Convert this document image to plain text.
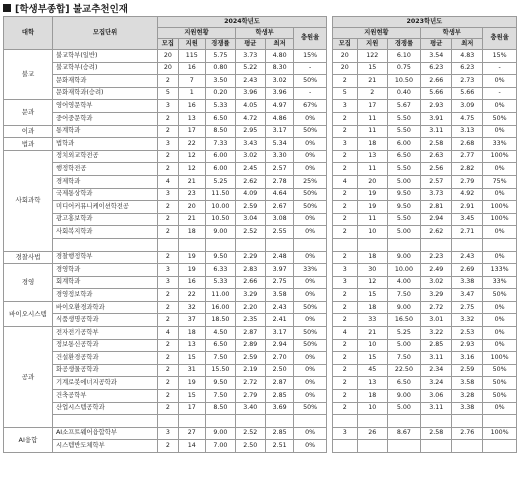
[학생부종합] 불교추천인재
대학	모집단위	2024학년도							2023학년도					
		지원현황			학생부		충원율		지원현황			학생부		충원율
		모집	지원	경쟁률	평균	최저			모집	지원	경쟁률	평균	최저	
불교	불교학부(일반)	20	115	5.75	3.73	4.80	15%		20	122	6.10	3.54	4.83	15%
	불교학부(승려)	20	16	0.80	5.22	8.30	-		20	15	0.75	6.23	6.23	-
	문화재학과	2	7	3.50	2.43	3.02	50%		2	21	10.50	2.66	2.73	0%
	문화재학과(승려)	5	1	0.20	3.96	3.96	-		5	2	0.40	5.66	5.66	-
문과	영어영문학부	3	16	5.33	4.05	4.97	67%		3	17	5.67	2.93	3.09	0%
	중어중문학과	2	13	6.50	4.72	4.86	0%		2	11	5.50	3.91	4.75	50%
이과	통계학과	2	17	8.50	2.95	3.17	50%		2	11	5.50	3.11	3.13	0%
법과	법학과	3	22	7.33	3.43	5.34	0%		3	18	6.00	2.58	2.68	33%
사회과학	정치외교학전공	2	12	6.00	3.02	3.30	0%		2	13	6.50	2.63	2.77	100%
	행정학전공	2	12	6.00	2.45	2.57	0%		2	11	5.50	2.56	2.82	0%
	경제학과	4	21	5.25	2.62	2.78	25%		4	20	5.00	2.57	2.79	75%
	국제통상학과	3	23	11.50	4.09	4.64	50%		2	19	9.50	3.73	4.92	0%
	미디어커뮤니케이션학전공	2	20	10.00	2.59	2.67	50%		2	19	9.50	2.81	2.91	100%
	광고홍보학과	2	21	10.50	3.04	3.08	0%		2	11	5.50	2.94	3.45	100%
	사회복지학과	2	18	9.00	2.52	2.55	0%		2	10	5.00	2.62	2.71	0%

경찰사법	경찰행정학부	2	19	9.50	2.29	2.48	0%		2	18	9.00	2.23	2.43	0%
경영	경영학과	3	19	6.33	2.83	3.97	33%		3	30	10.00	2.49	2.69	133%
	회계학과	3	16	5.33	2.66	2.75	0%		3	12	4.00	3.02	3.38	33%
	경영정보학과	2	22	11.00	3.29	3.58	0%		2	15	7.50	3.29	3.47	50%
바이오시스템	바이오환경과학과	2	32	16.00	2.20	2.43	50%		2	18	9.00	2.72	2.75	0%
	식품생명공학과	2	37	18.50	2.35	2.41	0%		2	33	16.50	3.01	3.32	0%
공과	전자전기공학부	4	18	4.50	2.87	3.17	50%		4	21	5.25	3.22	2.53	0%
	정보통신공학과	2	13	6.50	2.89	2.94	50%		2	10	5.00	2.85	2.93	0%
	건설환경공학과	2	15	7.50	2.59	2.70	0%		2	15	7.50	3.11	3.16	100%
	화공생물공학과	2	31	15.50	2.19	2.50	0%		2	45	22.50	2.34	2.59	50%
	기계로봇에너지공학과	2	19	9.50	2.72	2.87	0%		2	13	6.50	3.24	3.58	50%
	건축공학부	2	15	7.50	2.79	2.85	0%		2	18	9.00	3.06	3.28	50%
	산업시스템공학과	2	17	8.50	3.40	3.69	50%		2	10	5.00	3.11	3.38	0%

AI융합	AI소프트웨어융합학부	3	27	9.00	2.52	2.85	0%		3	26	8.67	2.58	2.76	100%
	시스템반도체학부	2	14	7.00	2.50	2.51	0%							
